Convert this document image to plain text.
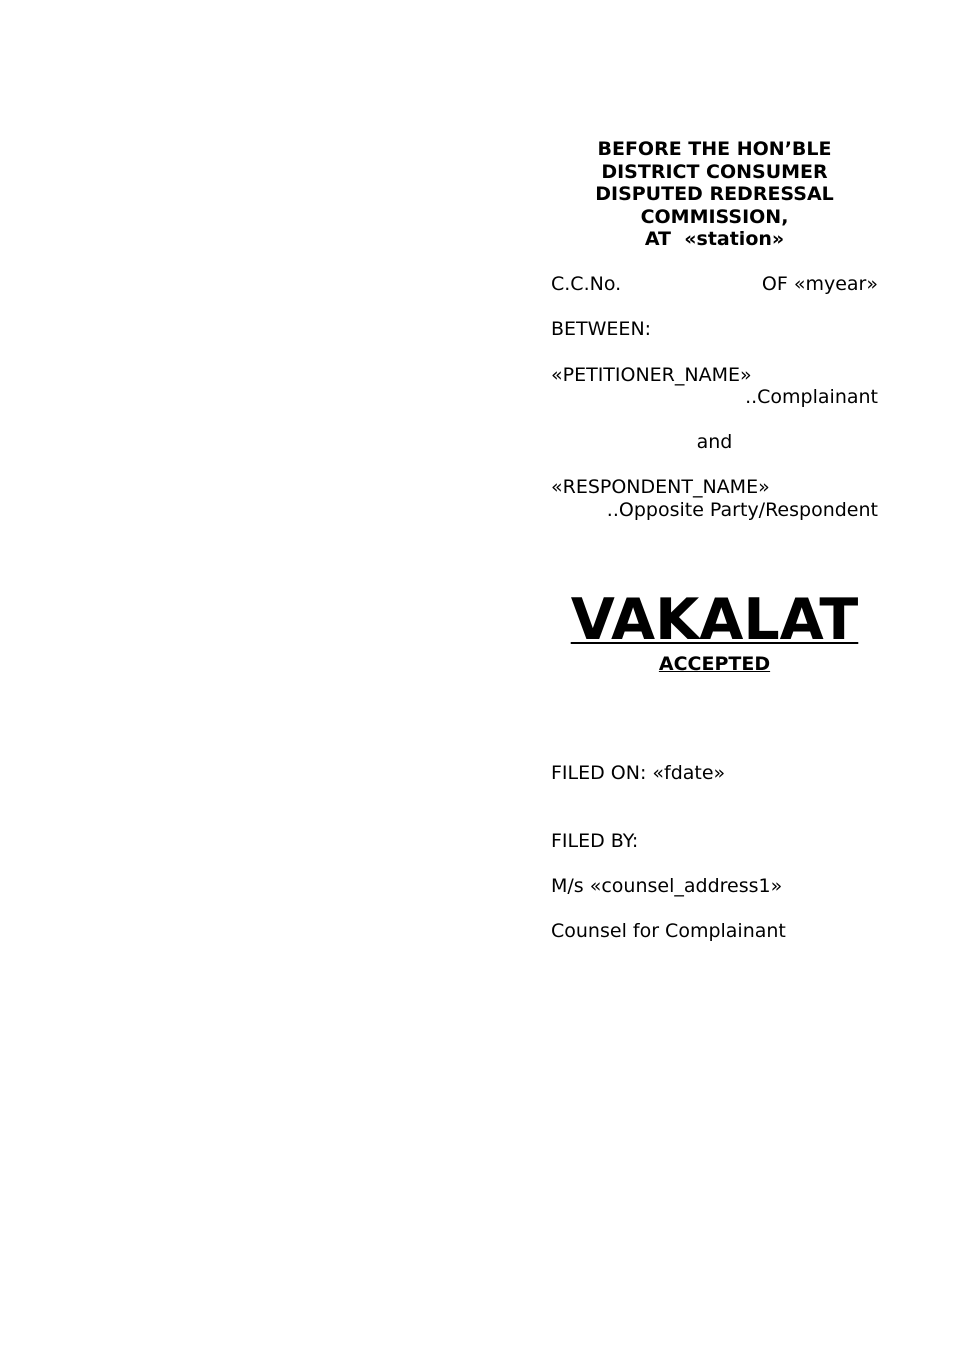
BEFORE THE HON’BLE
DISTRICT CONSUMER
DISPUTED REDRESSAL
COMMISSION,
AT  «station»
C.C.No.	OF «myear»
BETWEEN:
«PETITIONER_NAME»
..Complainant
and
«RESPONDENT_NAME»
..Opposite Party/Respondent
VAKALAT
ACCEPTED
FILED ON: «fdate»
FILED BY:
M/s «counsel_address1»
Counsel for Complainant
